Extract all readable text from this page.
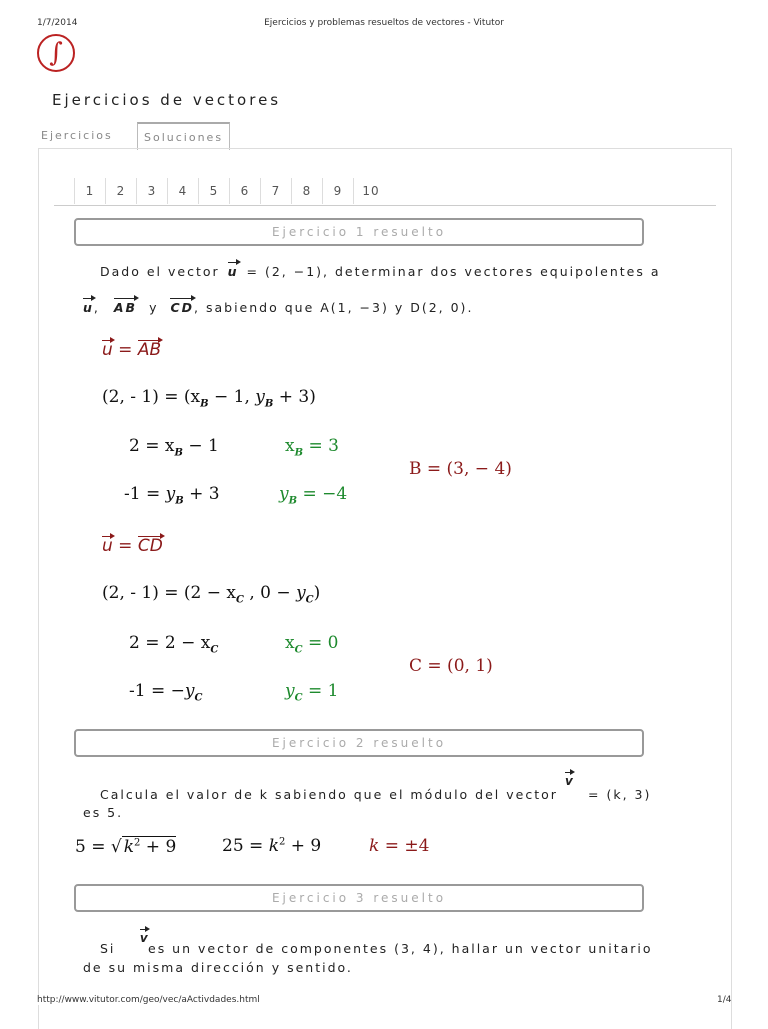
1/7/2014	Ejercicios y problemas resueltos de vectores - Vitutor
∫
Ejercicios de vectores
Ejercicios	Soluciones
1	2	3	4	5	6	7	8	9	10
Ejercicio 1 resuelto
Dado el vector u = (2, −1), determinar dos vectores equipolentes a
u, AB y CD, sabiendo que A(1, −3) y D(2, 0).
u = AB
(2, - $1) = (x_B - 1$, $y_B + 3$)
$2 = x_B - 1$	$x_B = 3$
B = (3, − 4)
$-1 = y_B + 3$	$y_B = -4$
u = CD
(2, - $1) = (2 - x_C$ , $0 - y_C$)
$2 = 2 - x_C$	$x_C = 0$
C = (0, 1)
$-1 = -y_C$	$y_C = 1$
Ejercicio 2 resuelto
v
Calcula el valor de k sabiendo que el módulo del vector = (k, 3)
es 5.
5 = √ $k^2 + 9$	$25 = k^2 + 9$	k = ±4
Ejercicio 3 resuelto
v
Si	es un vector de componentes (3, 4), hallar un vector unitario
de su misma dirección y sentido.
http://www.vitutor.com/geo/vec/aActivdades.html	1/4
